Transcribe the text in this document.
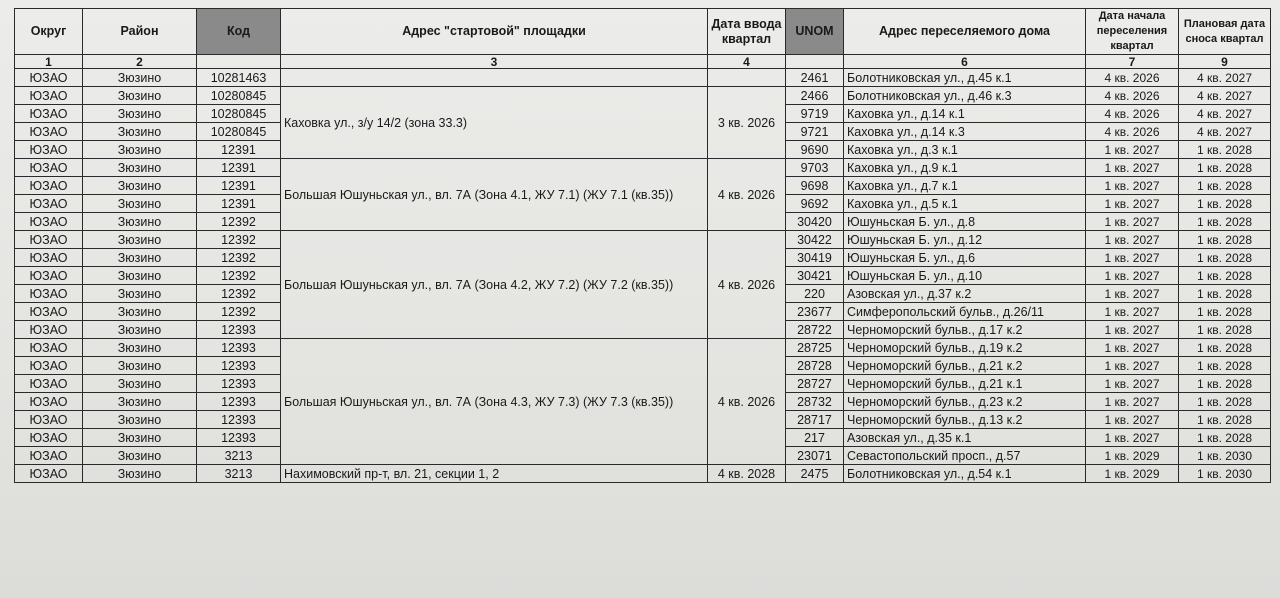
Округ	Район	Код	Адрес "стартовой" площадки	Дата ввода квартал	UNOM	Адрес переселяемого дома	Дата начала переселения квартал	Плановая дата сноса квартал
1	2		3	4		6	7	9
ЮЗАО	Зюзино	10281463			2461	Болотниковская ул., д.45 к.1	4 кв. 2026	4 кв. 2027
ЮЗАО	Зюзино	10280845	Каховка ул., з/у 14/2 (зона 33.3)	3 кв. 2026	2466	Болотниковская ул., д.46 к.3	4 кв. 2026	4 кв. 2027
ЮЗАО	Зюзино	10280845			9719	Каховка ул., д.14 к.1	4 кв. 2026	4 кв. 2027
ЮЗАО	Зюзино	10280845			9721	Каховка ул., д.14 к.3	4 кв. 2026	4 кв. 2027
ЮЗАО	Зюзино	12391			9690	Каховка ул., д.3 к.1	1 кв. 2027	1 кв. 2028
ЮЗАО	Зюзино	12391	Большая Юшуньская ул., вл. 7А (Зона 4.1, ЖУ 7.1) (ЖУ 7.1 (кв.35))	4 кв. 2026	9703	Каховка ул., д.9 к.1	1 кв. 2027	1 кв. 2028
ЮЗАО	Зюзино	12391			9698	Каховка ул., д.7 к.1	1 кв. 2027	1 кв. 2028
ЮЗАО	Зюзино	12391			9692	Каховка ул., д.5 к.1	1 кв. 2027	1 кв. 2028
ЮЗАО	Зюзино	12392			30420	Юшуньская Б. ул., д.8	1 кв. 2027	1 кв. 2028
ЮЗАО	Зюзино	12392	Большая Юшуньская ул., вл. 7А (Зона 4.2, ЖУ 7.2) (ЖУ 7.2 (кв.35))	4 кв. 2026	30422	Юшуньская Б. ул., д.12	1 кв. 2027	1 кв. 2028
ЮЗАО	Зюзино	12392			30419	Юшуньская Б. ул., д.6	1 кв. 2027	1 кв. 2028
ЮЗАО	Зюзино	12392			30421	Юшуньская Б. ул., д.10	1 кв. 2027	1 кв. 2028
ЮЗАО	Зюзино	12392			220	Азовская ул., д.37 к.2	1 кв. 2027	1 кв. 2028
ЮЗАО	Зюзино	12392			23677	Симферопольский бульв., д.26/11	1 кв. 2027	1 кв. 2028
ЮЗАО	Зюзино	12393			28722	Черноморский бульв., д.17 к.2	1 кв. 2027	1 кв. 2028
ЮЗАО	Зюзино	12393	Большая Юшуньская ул., вл. 7А (Зона 4.3, ЖУ 7.3) (ЖУ 7.3 (кв.35))	4 кв. 2026	28725	Черноморский бульв., д.19 к.2	1 кв. 2027	1 кв. 2028
ЮЗАО	Зюзино	12393			28728	Черноморский бульв., д.21 к.2	1 кв. 2027	1 кв. 2028
ЮЗАО	Зюзино	12393			28727	Черноморский бульв., д.21 к.1	1 кв. 2027	1 кв. 2028
ЮЗАО	Зюзино	12393			28732	Черноморский бульв., д.23 к.2	1 кв. 2027	1 кв. 2028
ЮЗАО	Зюзино	12393			28717	Черноморский бульв., д.13 к.2	1 кв. 2027	1 кв. 2028
ЮЗАО	Зюзино	12393			217	Азовская ул., д.35 к.1	1 кв. 2027	1 кв. 2028
ЮЗАО	Зюзино	3213			23071	Севастопольский просп., д.57	1 кв. 2029	1 кв. 2030
ЮЗАО	Зюзино	3213	Нахимовский пр-т, вл. 21, секции 1, 2	4 кв. 2028	2475	Болотниковская ул., д.54 к.1	1 кв. 2029	1 кв. 2030
